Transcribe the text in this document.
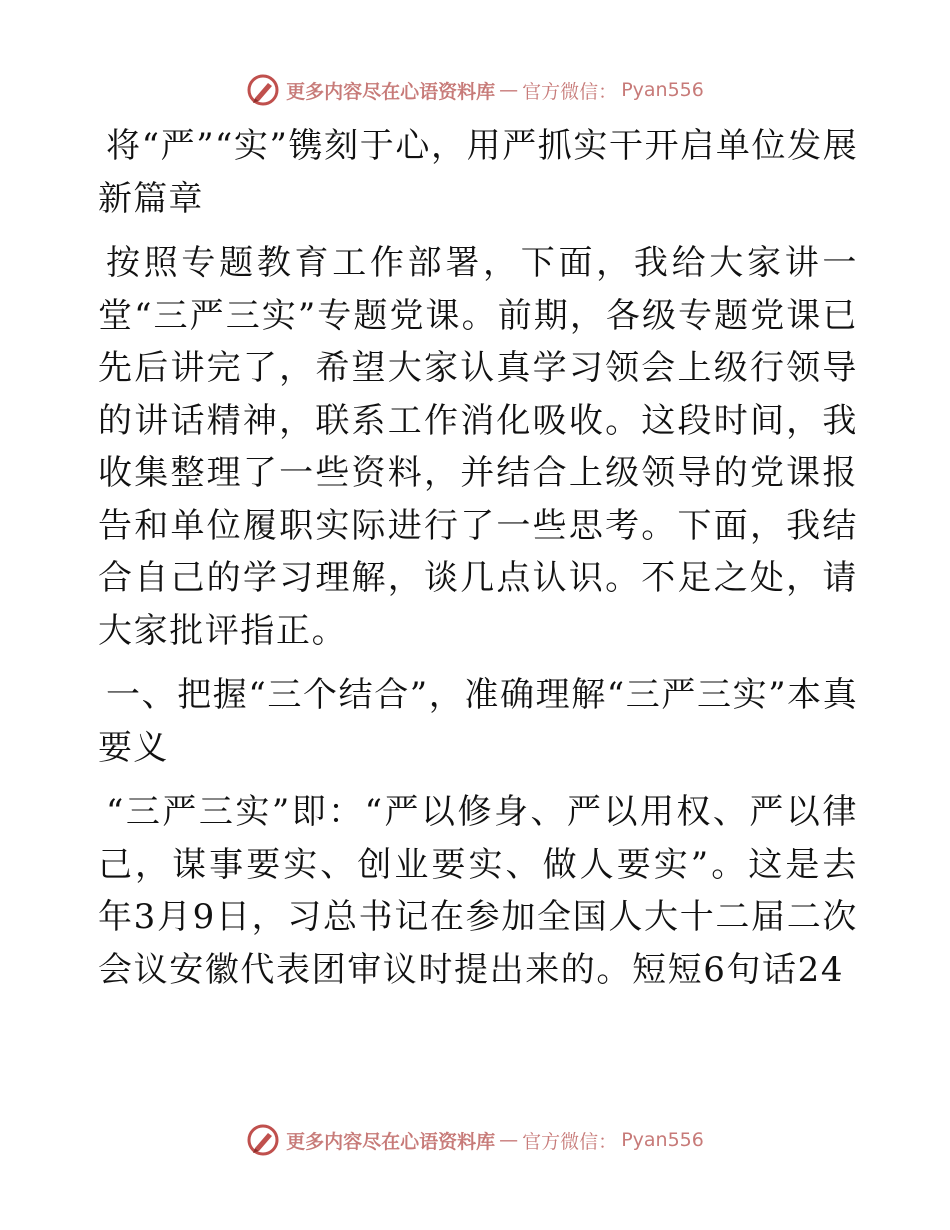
更多内容尽在心语资料库 — 官方微信： Pyan556

将“严”“实”镌刻于心，用严抓实干开启单位发展新篇章

按照专题教育工作部署，下面，我给大家讲一堂“三严三实”专题党课。前期，各级专题党课已先后讲完了，希望大家认真学习领会上级行领导的讲话精神，联系工作消化吸收。这段时间，我收集整理了一些资料，并结合上级领导的党课报告和单位履职实际进行了一些思考。下面，我结合自己的学习理解，谈几点认识。不足之处，请大家批评指正。

一、把握“三个结合”，准确理解“三严三实”本真要义

“三严三实”即：“严以修身、严以用权、严以律己，谋事要实、创业要实、做人要实”。这是去年3月9日，习总书记在参加全国人大十二届二次会议安徽代表团审议时提出来的。短短6句话24

更多内容尽在心语资料库 — 官方微信： Pyan556
